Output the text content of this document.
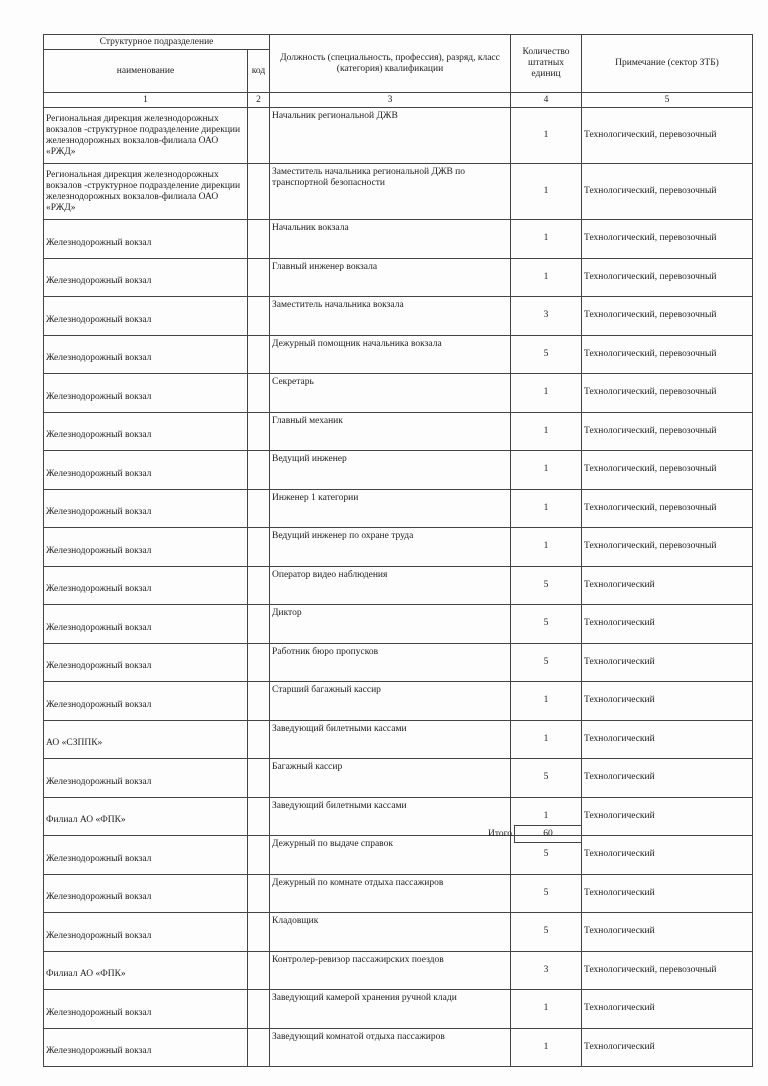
Структурное подразделение		Должность (специальность, профессия), разряд, класс (категория) квалификации	Количество штатных единиц	Примечание (сектор ЗТБ)
наименование	код			
1	2	3	4	5
Региональная дирекция железнодорожных вокзалов -структурное подразделение дирекции железнодорожных вокзалов-филиала ОАО «РЖД»		Начальник региональной ДЖВ	1	Технологический, перевозочный
Региональная дирекция железнодорожных вокзалов -структурное подразделение дирекции железнодорожных вокзалов-филиала ОАО «РЖД»		Заместитель начальника региональной ДЖВ по транспортной безопасности	1	Технологический, перевозочный
Железнодорожный вокзал		Начальник вокзала	1	Технологический, перевозочный
Железнодорожный вокзал		Главный инженер вокзала	1	Технологический, перевозочный
Железнодорожный вокзал		Заместитель начальника вокзала	3	Технологический, перевозочный
Железнодорожный вокзал		Дежурный помощник начальника вокзала	5	Технологический, перевозочный
Железнодорожный вокзал		Секретарь	1	Технологический, перевозочный
Железнодорожный вокзал		Главный механик	1	Технологический, перевозочный
Железнодорожный вокзал		Ведущий инженер	1	Технологический, перевозочный
Железнодорожный вокзал		Инженер 1 категории	1	Технологический, перевозочный
Железнодорожный вокзал		Ведущий инженер по охране труда	1	Технологический, перевозочный
Железнодорожный вокзал		Оператор видео наблюдения	5	Технологический
Железнодорожный вокзал		Диктор	5	Технологический
Железнодорожный вокзал		Работник бюро пропусков	5	Технологический
Железнодорожный вокзал		Старший багажный кассир	1	Технологический
АО «СЗППК»		Заведующий билетными кассами	1	Технологический
Железнодорожный вокзал		Багажный кассир	5	Технологический
Филиал АО «ФПК»		Заведующий билетными кассами	1	Технологический
Железнодорожный вокзал		Дежурный по выдаче справок	5	Технологический
Железнодорожный вокзал		Дежурный по комнате отдыха пассажиров	5	Технологический
Железнодорожный вокзал		Кладовщик	5	Технологический
Филиал АО «ФПК»		Контролер-ревизор пассажирских поездов	3	Технологический, перевозочный
Железнодорожный вокзал		Заведующий камерой хранения ручной клади	1	Технологический
Железнодорожный вокзал		Заведующий комнатой отдыха пассажиров	1	Технологический
Итого	60
